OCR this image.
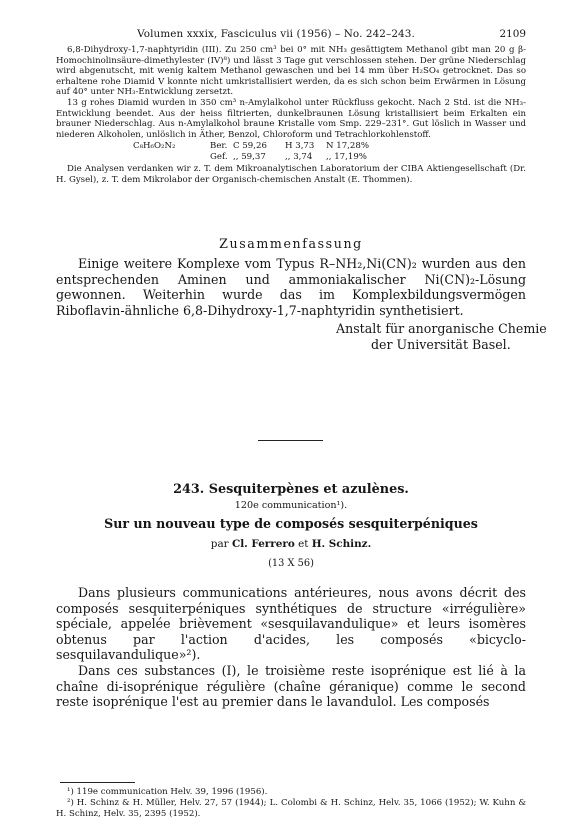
Volumen xxxix, Fasciculus vii (1956) – No. 242–243.	2109

6,8-Dihydroxy-1,7-naphtyridin (III). Zu 250 cm³ bei 0° mit NH₃ gesättigtem Methanol gibt man 20 g β-Homochinolinsäure-dimethylester (IV)⁸) und lässt 3 Tage gut verschlossen stehen. Der grüne Niederschlag wird abgenutscht, mit wenig kaltem Methanol gewaschen und bei 14 mm über H₂SO₄ getrocknet. Das so erhaltene rohe Diamid V konnte nicht umkristallisiert werden, da es sich schon beim Erwärmen in Lösung auf 40° unter NH₃-Entwicklung zersetzt.

13 g rohes Diamid wurden in 350 cm³ n-Amylalkohol unter Rückfluss gekocht. Nach 2 Std. ist die NH₃-Entwicklung beendet. Aus der heiss filtrierten, dunkelbraunen Lösung kristallisiert beim Erkalten ein brauner Niederschlag. Aus n-Amylalkohol braune Kristalle vom Smp. 229–231°. Gut löslich in Wasser und niederen Alkoholen, unlöslich in Äther, Benzol, Chloroform und Tetrachlorkohlenstoff.

C₈H₆O₂N₂	Ber. C 59,26 H 3,73 N 17,28%
Gef. ,, 59,37 ,, 3,74 ,, 17,19%

Die Analysen verdanken wir z. T. dem Mikroanalytischen Laboratorium der CIBA Aktiengesellschaft (Dr. H. Gysel), z. T. dem Mikrolabor der Organisch-chemischen Anstalt (E. Thommen).

Zusammenfassung

Einige weitere Komplexe vom Typus R–NH₂,Ni(CN)₂ wurden aus den entsprechenden Aminen und ammoniakalischer Ni(CN)₂-Lösung gewonnen. Weiterhin wurde das im Komplexbildungsvermögen Riboflavin-ähnliche 6,8-Dihydroxy-1,7-naphtyridin synthetisiert.

Anstalt für anorganische Chemie
der Universität Basel.
243. Sesquiterpènes et azulènes.
120e communication¹).
Sur un nouveau type de composés sesquiterpéniques
par Cl. Ferrero et H. Schinz.
(13 X 56)

Dans plusieurs communications antérieures, nous avons décrit des composés sesquiterpéniques synthétiques de structure «irrégulière» spéciale, appelée brièvement «sesquilavandulique» et leurs isomères obtenus par l'action d'acides, les composés «bicyclo-sesquilavandulique»²).

Dans ces substances (I), le troisième reste isoprénique est lié à la chaîne di-isoprénique régulière (chaîne géranique) comme le second reste isoprénique l'est au premier dans le lavandulol. Les composés

¹) 119e communication Helv. 39, 1996 (1956).

²) H. Schinz & H. Müller, Helv. 27, 57 (1944); L. Colombi & H. Schinz, Helv. 35, 1066 (1952); W. Kuhn & H. Schinz, Helv. 35, 2395 (1952).
